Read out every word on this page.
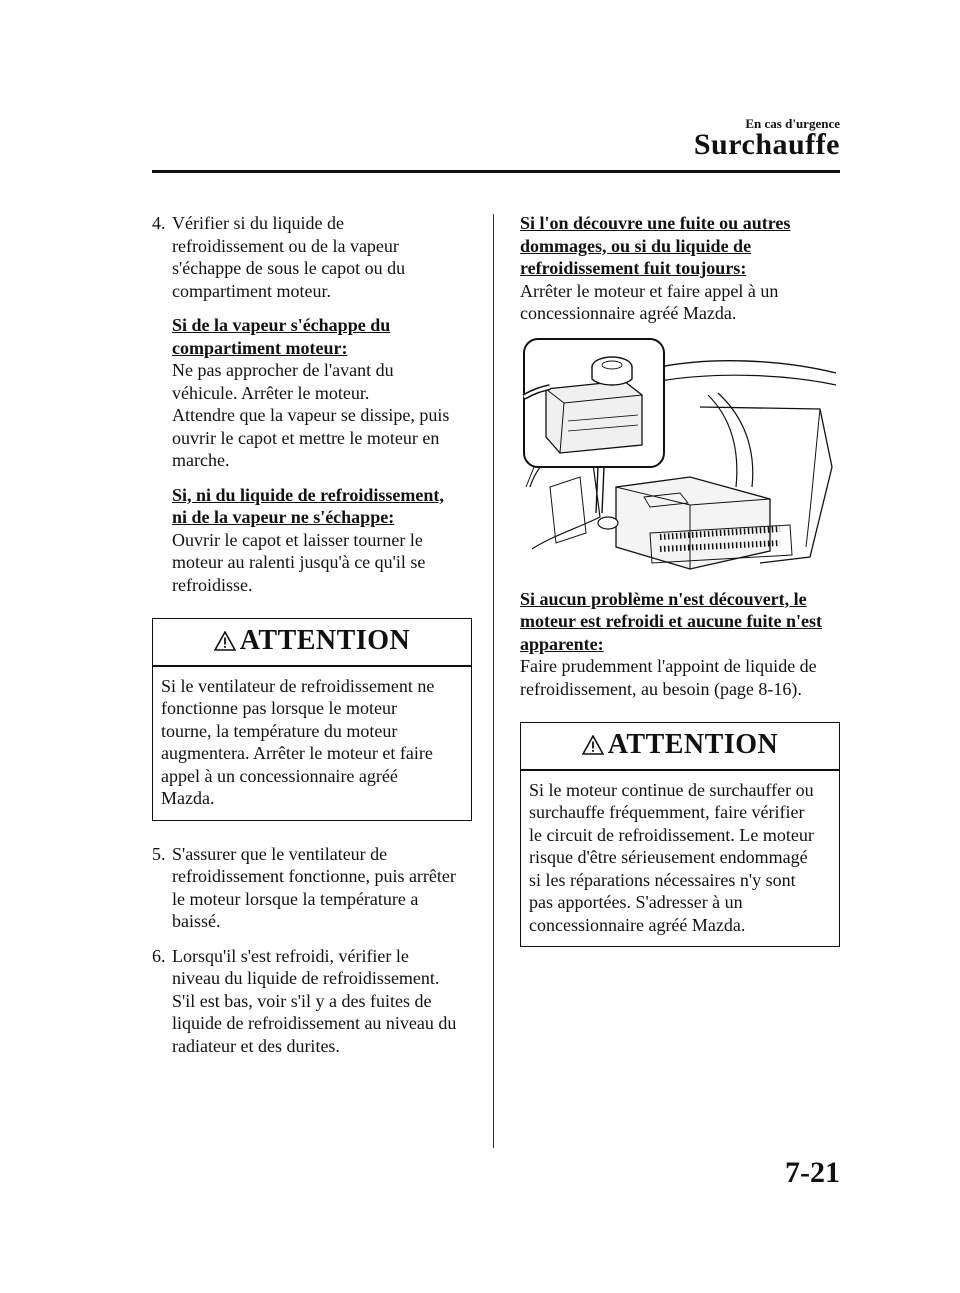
En cas d'urgence
Surchauffe

4. Vérifier si du liquide de

refroidissement ou de la vapeur

s'échappe de sous le capot ou du

compartiment moteur.

Si de la vapeur s'échappe du

compartiment moteur:

Ne pas approcher de l'avant du

véhicule. Arrêter le moteur.

Attendre que la vapeur se dissipe, puis

ouvrir le capot et mettre le moteur en

marche.

Si, ni du liquide de refroidissement,

ni de la vapeur ne s'échappe:

Ouvrir le capot et laisser tourner le

moteur au ralenti jusqu'à ce qu'il se

refroidisse.

ATTENTION

Si le ventilateur de refroidissement ne

fonctionne pas lorsque le moteur

tourne, la température du moteur

augmentera. Arrêter le moteur et faire

appel à un concessionnaire agréé

Mazda.

5. S'assurer que le ventilateur de

refroidissement fonctionne, puis arrêter

le moteur lorsque la température a

baissé.

6. Lorsqu'il s'est refroidi, vérifier le

niveau du liquide de refroidissement.

S'il est bas, voir s'il y a des fuites de

liquide de refroidissement au niveau du

radiateur et des durites.

Si l'on découvre une fuite ou autres

dommages, ou si du liquide de

refroidissement fuit toujours:

Arrêter le moteur et faire appel à un

concessionnaire agréé Mazda.

Si aucun problème n'est découvert, le

moteur est refroidi et aucune fuite n'est

apparente:

Faire prudemment l'appoint de liquide de

refroidissement, au besoin (page 8-16).

ATTENTION

Si le moteur continue de surchauffer ou

surchauffe fréquemment, faire vérifier

le circuit de refroidissement. Le moteur

risque d'être sérieusement endommagé

si les réparations nécessaires n'y sont

pas apportées. S'adresser à un

concessionnaire agréé Mazda.

7-21
